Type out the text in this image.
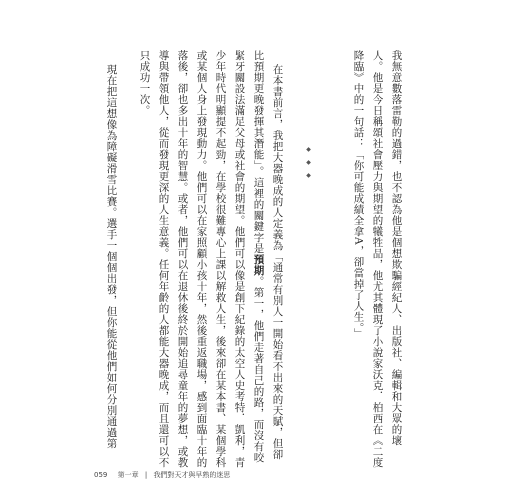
我無意數落雷勒的過錯，也不認為他是個想欺騙經紀人、出版社、編輯和大眾的壞
人。他是今日稱頌社會壓力與期望的犧牲品，他尤其體現了小說家沃克．柏西在《二度
降臨》中的一句話：「你可能成績全拿A，卻當掉了人生。」
◆ ◆ ◆
在本書前言，我把大器晚成的人定義為「通常有別人一開始看不出來的天賦，但卻
比預期更晚發揮其潛能」。這裡的關鍵字是預期。第一，他們走著自己的路，而沒有咬
緊牙關設法滿足父母或社會的期望。他們可以像是創下紀錄的太空人史考特．凱利，青
少年時代明顯提不起勁，在學校很難專心上課以解救人生，後來卻在某本書、某個學科
或某個人身上發現動力。他們可以在家照顧小孩十年，然後重返職場，感到面臨十年的
落後，卻也多出十年的智慧。或者，他們可以在退休後終於開始追尋童年的夢想，或教
導與帶領他人，從而發現更深的人生意義。任何年齡的人都能大器晚成，而且還可以不
只成功一次。
現在把這想像為障礙滑雪比賽。選手一個個出發，但你能從他們如何分別通過第
059 第一章 | 我們對天才與早熟的迷思
